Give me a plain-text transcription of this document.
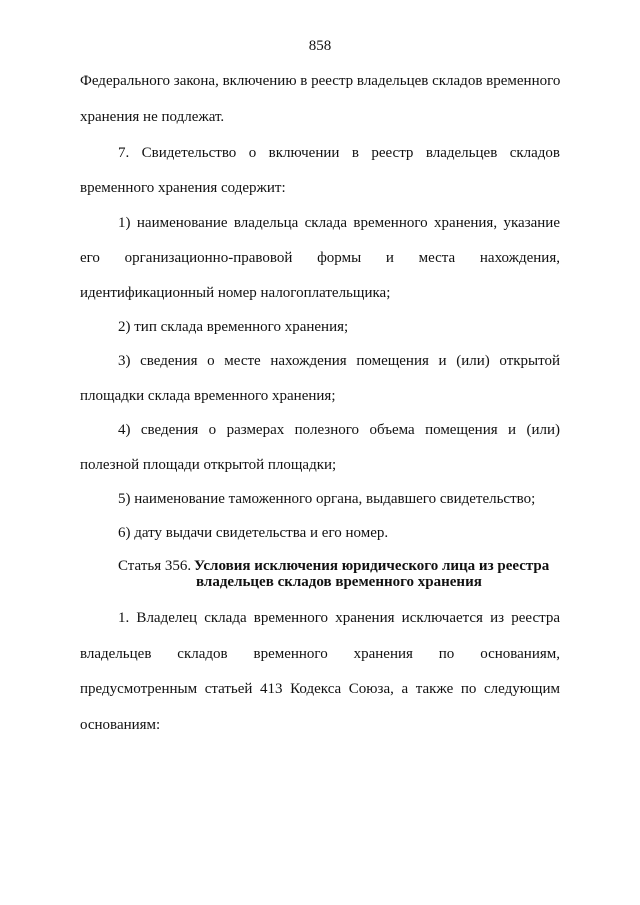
858
Федерального закона, включению в реестр владельцев складов временного
хранения не подлежат.
7. Свидетельство о включении в реестр владельцев складов
временного хранения содержит:
1) наименование владельца склада временного хранения, указание
его организационно-правовой формы и места нахождения,
идентификационный номер налогоплательщика;
2) тип склада временного хранения;
3) сведения о месте нахождения помещения и (или) открытой
площадки склада временного хранения;
4) сведения о размерах полезного объема помещения и (или)
полезной площади открытой площадки;
5) наименование таможенного органа, выдавшего свидетельство;
6) дату выдачи свидетельства и его номер.
Статья 356. Условия исключения юридического лица из реестра
владельцев складов временного хранения
1. Владелец склада временного хранения исключается из реестра
владельцев складов временного хранения по основаниям,
предусмотренным статьей 413 Кодекса Союза, а также по следующим
основаниям:
